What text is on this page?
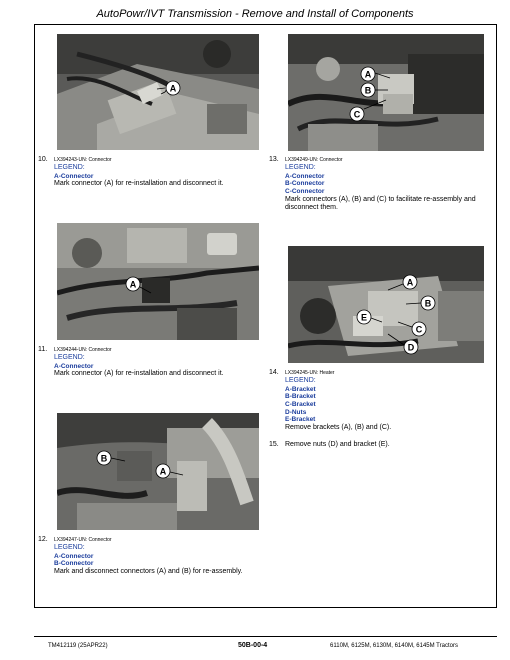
AutoPowr/IVT Transmission - Remove and Install of Components
A
A
B
C
10. LX394243-UN: Connector
LEGEND:
A-Connector
Mark connector (A) for re-installation and disconnect it.
13. LX394249-UN: Connector
LEGEND:
A-Connector
B-Connector
C-Connector
Mark connectors (A), (B) and (C) to facilitate re-assembly and disconnect them.
A	A
B
C
D
E
11. LX394244-UN: Connector
LEGEND:
A-Connector
Mark connector (A) for re-installation and disconnect it.	14. LX394245-UN: Heater
LEGEND:
A-Bracket
B-Bracket
C-Bracket
D-Nuts
E-Bracket
Remove brackets (A), (B) and (C).
15. Remove nuts (D) and bracket (E).
B
A
12. LX394247-UN: Connector
LEGEND:
A-Connector
B-Connector
Mark and disconnect connectors (A) and (B) for re-assembly.
TM412119 (25APR22)	50B-00-4	6110M, 6125M, 6130M, 6140M, 6145M Tractors
